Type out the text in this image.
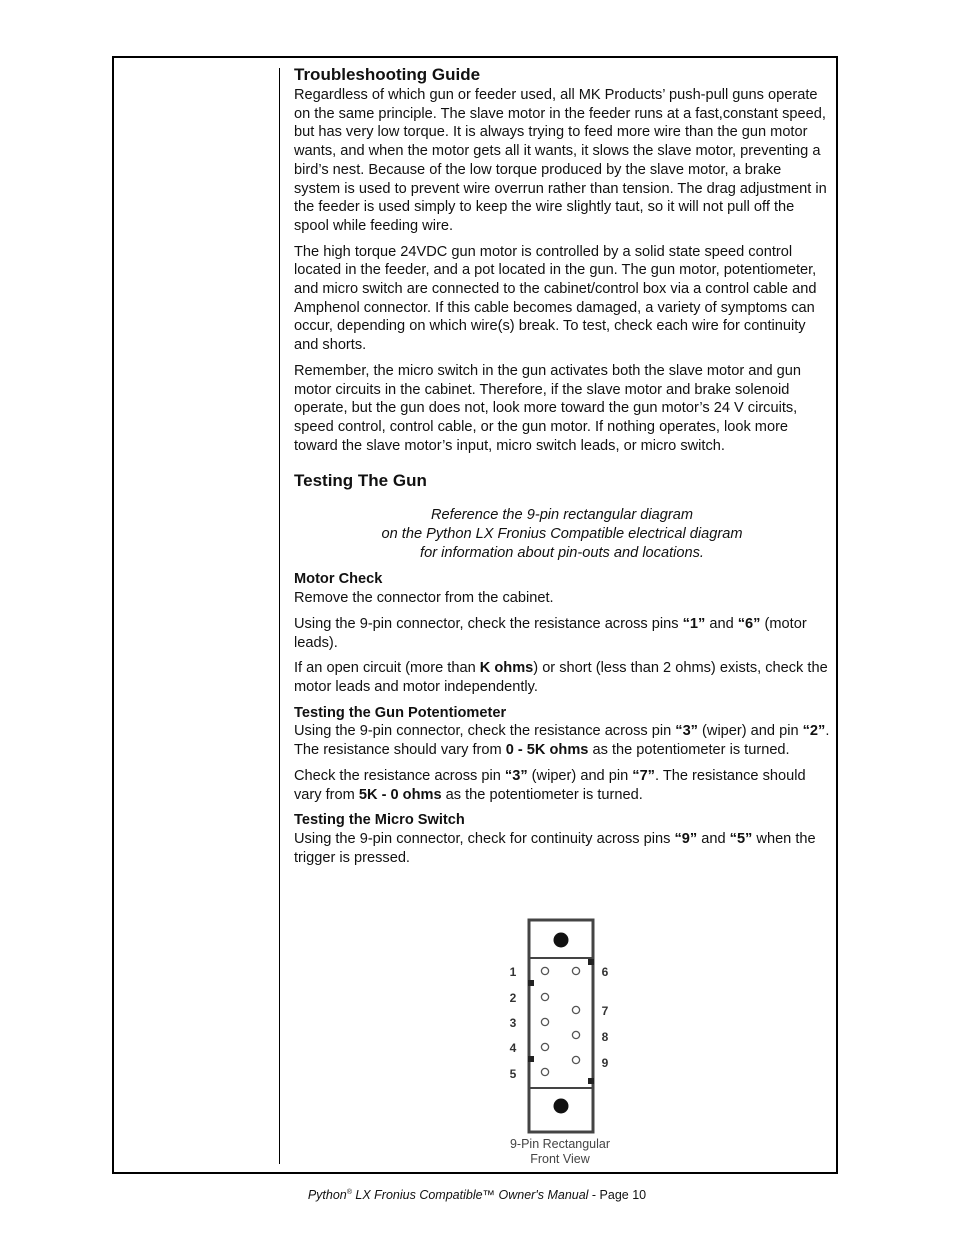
Troubleshooting Guide

Regardless of which gun or feeder used, all MK Products’ push-pull guns operate on the same principle. The slave motor in the feeder runs at a fast,constant speed, but has very low torque. It is always trying to feed more wire than the gun motor wants, and when the motor gets all it wants, it slows the slave motor, preventing a bird’s nest. Because of the low torque produced by the slave motor, a brake system is used to prevent wire overrun rather than tension. The drag adjustment in the feeder is used simply to keep the wire slightly taut, so it will not pull off the spool while feeding wire.

The high torque 24VDC gun motor is controlled by a solid state speed control located in the feeder, and a pot located in the gun. The gun motor, potentiometer, and micro switch are connected to the cabinet/control box via a control cable and Amphenol connector. If this cable becomes damaged, a variety of symptoms can occur, depending on which wire(s) break. To test, check each wire for continuity and shorts.

Remember, the micro switch in the gun activates both the slave motor and gun motor circuits in the cabinet. Therefore, if the slave motor and brake solenoid operate, but the gun does not, look more toward the gun motor’s 24 V circuits, speed control, control cable, or the gun motor. If nothing operates, look more toward the slave motor’s input, micro switch leads, or micro switch.

Testing The Gun

Reference the 9-pin rectangular diagram
on the Python LX Fronius Compatible electrical diagram
for information about pin-outs and locations.

Motor Check

Remove the connector from the cabinet.

Using the 9-pin connector, check the resistance across pins “1” and “6” (motor leads).

If an open circuit (more than K ohms) or short (less than 2 ohms) exists, check the motor leads and motor independently.

Testing the Gun Potentiometer

Using the 9-pin connector, check the resistance across pin “3” (wiper) and pin “2”. The resistance should vary from 0 - 5K ohms as the potentiometer is turned.

Check the resistance across pin “3” (wiper) and pin “7”. The resistance should vary from 5K - 0 ohms as the potentiometer is turned.

Testing the Micro Switch

Using the 9-pin connector, check for continuity across pins “9” and “5” when the trigger is pressed.

1
2
3
4
5
6
7
8
9
9-Pin Rectangular
Front View
Python® LX Fronius Compatible™ Owner's Manual - Page 10
